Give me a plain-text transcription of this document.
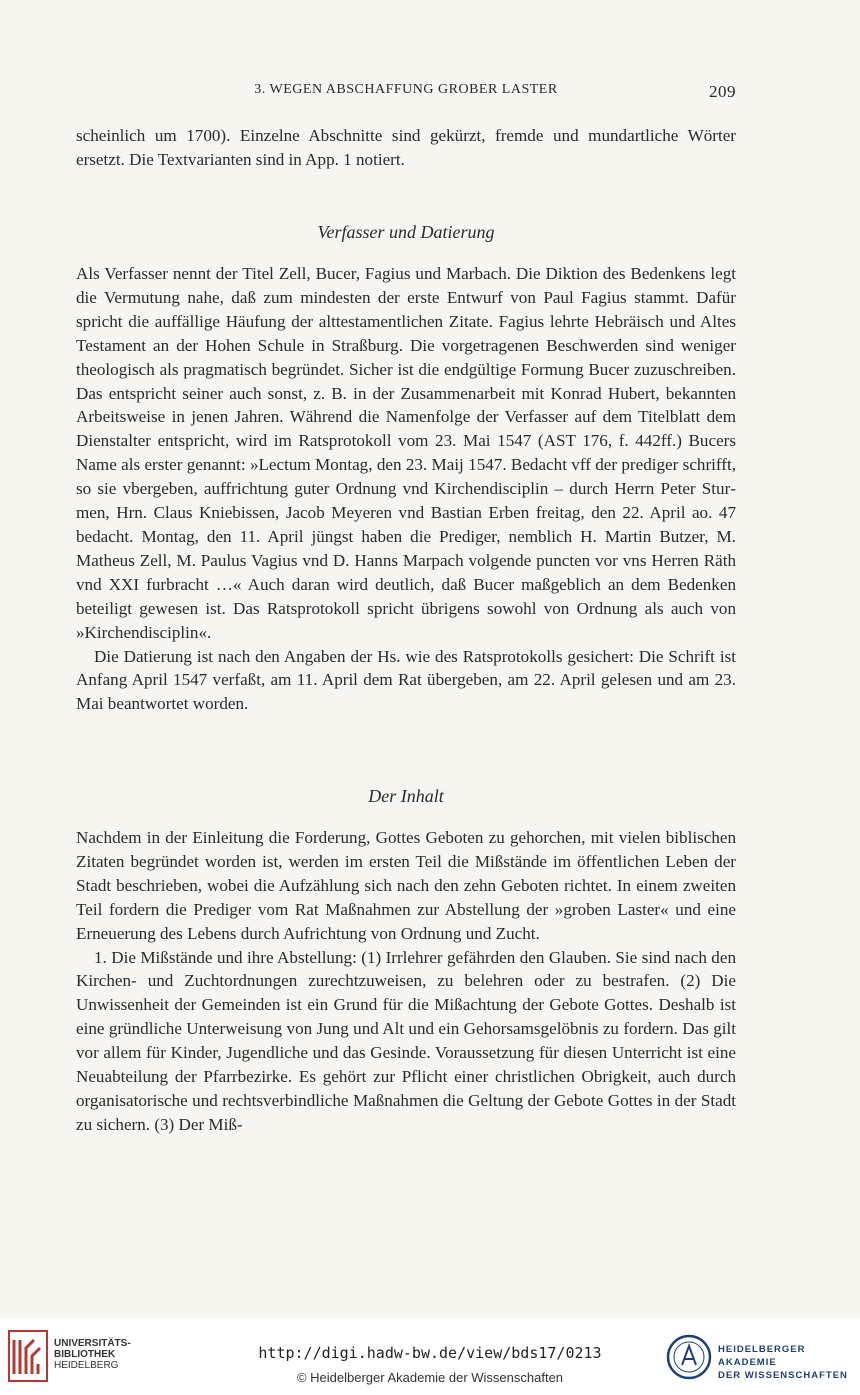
3. WEGEN ABSCHAFFUNG GROBER LASTER	209

scheinlich um 1700). Einzelne Abschnitte sind gekürzt, fremde und mundartliche Wörter ersetzt. Die Textvarianten sind in App. 1 notiert.

Verfasser und Datierung

Als Verfasser nennt der Titel Zell, Bucer, Fagius und Marbach. Die Diktion des Bedenkens legt die Vermutung nahe, daß zum mindesten der erste Entwurf von Paul Fagius stammt. Dafür spricht die auffällige Häufung der alttestamentlichen Zitate. Fagius lehrte Hebräisch und Altes Testament an der Hohen Schule in Straßburg. Die vorgetragenen Beschwerden sind weniger theologisch als pragmatisch begründet. Sicher ist die endgültige Formung Bucer zuzuschreiben. Das entspricht seiner auch sonst, z. B. in der Zusammenarbeit mit Konrad Hubert, bekannten Arbeitsweise in jenen Jahren. Während die Namenfolge der Verfasser auf dem Titelblatt dem Dienstalter entspricht, wird im Ratsprotokoll vom 23. Mai 1547 (AST 176, f. 442ff.) Bucers Name als erster genannt: »Lectum Montag, den 23. Maij 1547. Bedacht vff der prediger schrifft, so sie vbergeben, auffrichtung guter Ordnung vnd Kirchendisciplin – durch Herrn Peter Sturmen, Hrn. Claus Kniebissen, Jacob Meyeren vnd Bastian Erben freitag, den 22. April ao. 47 bedacht. Montag, den 11. April jüngst haben die Prediger, nemblich H. Martin Butzer, M. Matheus Zell, M. Paulus Vagius vnd D. Hanns Marpach volgende puncten vor vns Herren Räth vnd XXI furbracht …« Auch daran wird deutlich, daß Bucer maßgeblich an dem Bedenken beteiligt gewesen ist. Das Ratsprotokoll spricht übrigens sowohl von Ordnung als auch von »Kirchendisciplin«.

Die Datierung ist nach den Angaben der Hs. wie des Ratsprotokolls gesichert: Die Schrift ist Anfang April 1547 verfaßt, am 11. April dem Rat übergeben, am 22. April gelesen und am 23. Mai beantwortet worden.

Der Inhalt

Nachdem in der Einleitung die Forderung, Gottes Geboten zu gehorchen, mit vielen biblischen Zitaten begründet worden ist, werden im ersten Teil die Mißstände im öffentlichen Leben der Stadt beschrieben, wobei die Aufzählung sich nach den zehn Geboten richtet. In einem zweiten Teil fordern die Prediger vom Rat Maßnahmen zur Abstellung der »groben Laster« und eine Erneuerung des Lebens durch Aufrichtung von Ordnung und Zucht.

1. Die Mißstände und ihre Abstellung: (1) Irrlehrer gefährden den Glauben. Sie sind nach den Kirchen- und Zuchtordnungen zurechtzuweisen, zu belehren oder zu bestrafen. (2) Die Unwissenheit der Gemeinden ist ein Grund für die Mißachtung der Gebote Gottes. Deshalb ist eine gründliche Unterweisung von Jung und Alt und ein Gehorsamsgelöbnis zu fordern. Das gilt vor allem für Kinder, Jugendliche und das Gesinde. Voraussetzung für diesen Unterricht ist eine Neuabteilung der Pfarrbezirke. Es gehört zur Pflicht einer christlichen Obrigkeit, auch durch organisatorische und rechtsverbindliche Maßnahmen die Geltung der Gebote Gottes in der Stadt zu sichern. (3) Der Miß-

UNIVERSITÄTS-
BIBLIOTHEK
HEIDELBERG
http://digi.hadw-bw.de/view/bds17/0213
© Heidelberger Akademie der Wissenschaften
HEIDELBERGER AKADEMIE
DER WISSENSCHAFTEN
